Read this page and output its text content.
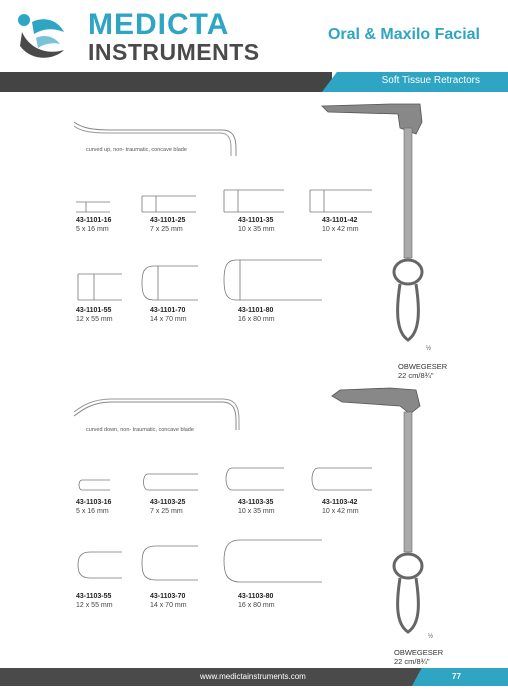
MEDICTA
INSTRUMENTS
Oral & Maxilo Facial
Soft Tissue Retractors
curved up, non- traumatic, concave blade
43-1101-16
5 x 16 mm
43-1101-25
7 x 25 mm
43-1101-35
10 x 35 mm
43-1101-42
10 x 42 mm
43-1101-55
12 x 55 mm
43-1101-70
14 x 70 mm
43-1101-80
16 x 80 mm
½
OBWEGESER
22 cm/8¾"
curved down, non- traumatic, concave blade
43-1103-16
5 x 16 mm
43-1103-25
7 x 25 mm
43-1103-35
10 x 35 mm
43-1103-42
10 x 42 mm
43-1103-55
12 x 55 mm
43-1103-70
14 x 70 mm
43-1103-80
16 x 80 mm
½
OBWEGESER
22 cm/8¾"
www.medictainstruments.com	77
